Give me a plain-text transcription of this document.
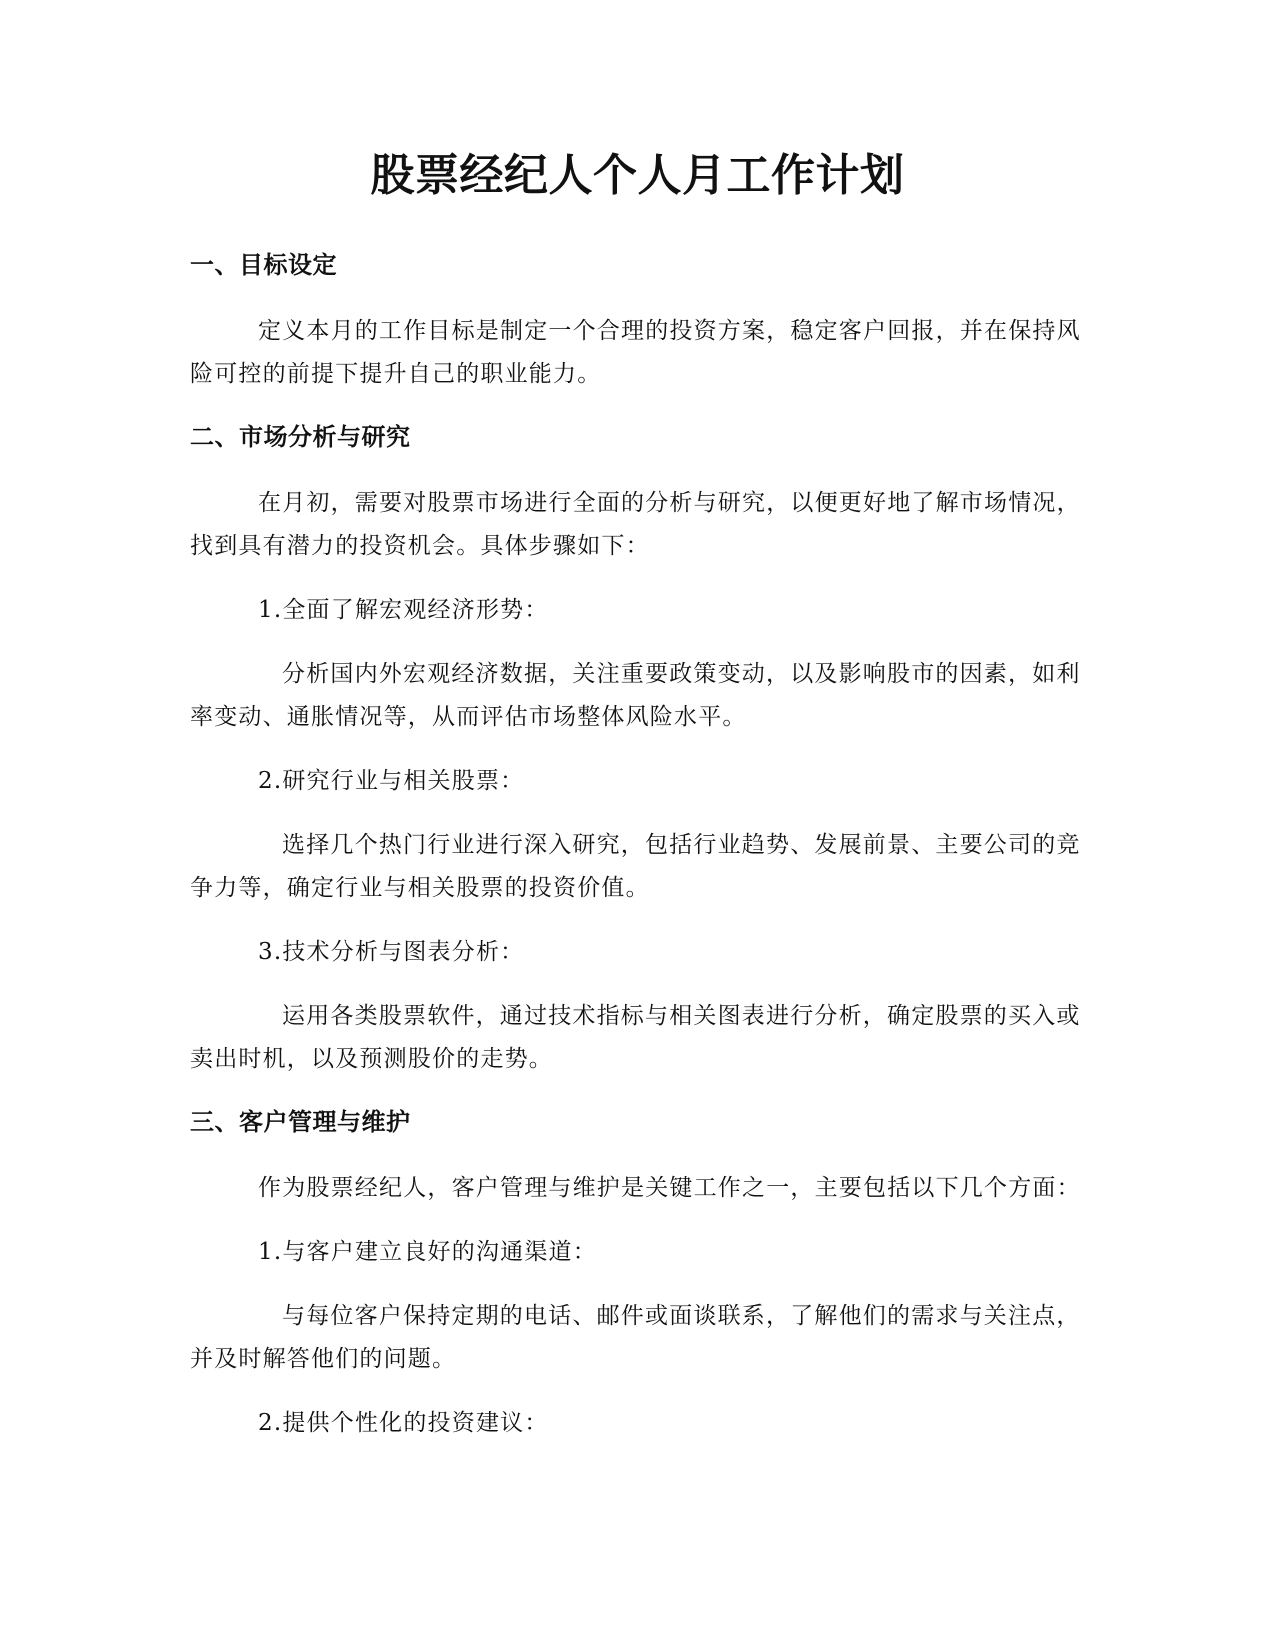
股票经纪人个人月工作计划
一、目标设定
定义本月的工作目标是制定一个合理的投资方案，稳定客户回报，并在保持风险可控的前提下提升自己的职业能力。
二、市场分析与研究
在月初，需要对股票市场进行全面的分析与研究，以便更好地了解市场情况，找到具有潜力的投资机会。具体步骤如下：
1.全面了解宏观经济形势：
分析国内外宏观经济数据，关注重要政策变动，以及影响股市的因素，如利率变动、通胀情况等，从而评估市场整体风险水平。
2.研究行业与相关股票：
选择几个热门行业进行深入研究，包括行业趋势、发展前景、主要公司的竞争力等，确定行业与相关股票的投资价值。
3.技术分析与图表分析：
运用各类股票软件，通过技术指标与相关图表进行分析，确定股票的买入或卖出时机，以及预测股价的走势。
三、客户管理与维护
作为股票经纪人，客户管理与维护是关键工作之一，主要包括以下几个方面：
1.与客户建立良好的沟通渠道：
与每位客户保持定期的电话、邮件或面谈联系，了解他们的需求与关注点，并及时解答他们的问题。
2.提供个性化的投资建议：
